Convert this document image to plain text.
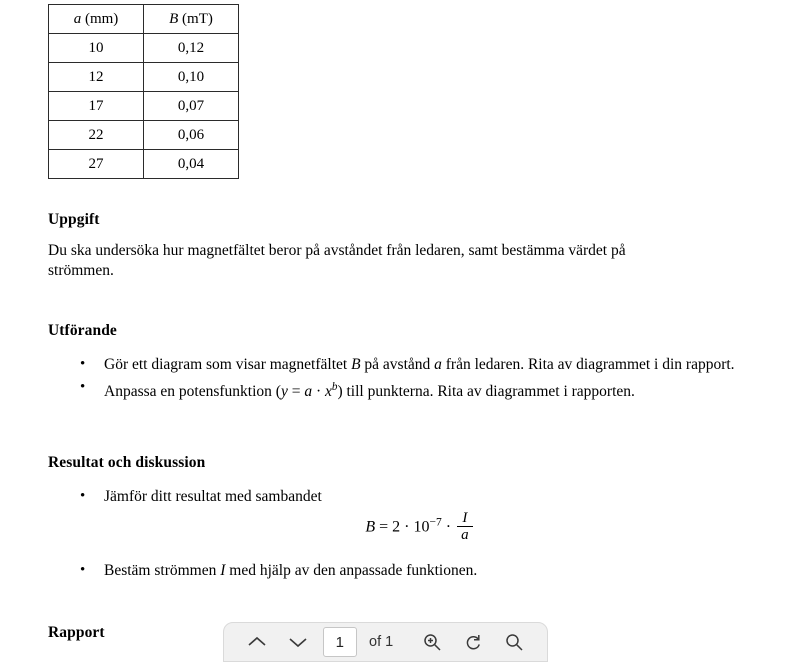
a (mm)	B (mT)
10	0,12
12	0,10
17	0,07
22	0,06
27	0,04
Uppgift
Du ska undersöka hur magnetfältet beror på avståndet från ledaren, samt bestämma värdet på strömmen.
Utförande
• Gör ett diagram som visar magnetfältet B på avstånd a från ledaren. Rita av diagrammet i din rapport.
• Anpassa en potensfunktion $(y = a \cdot x^b)$ till punkterna. Rita av diagrammet i rapporten.
Resultat och diskussion
• Jämför ditt resultat med sambandet
$B = 2 \cdot 10^{-7} \cdot \frac{I}{a}$
• Bestäm strömmen I med hjälp av den anpassade funktionen.
Rapport
1	of 1
